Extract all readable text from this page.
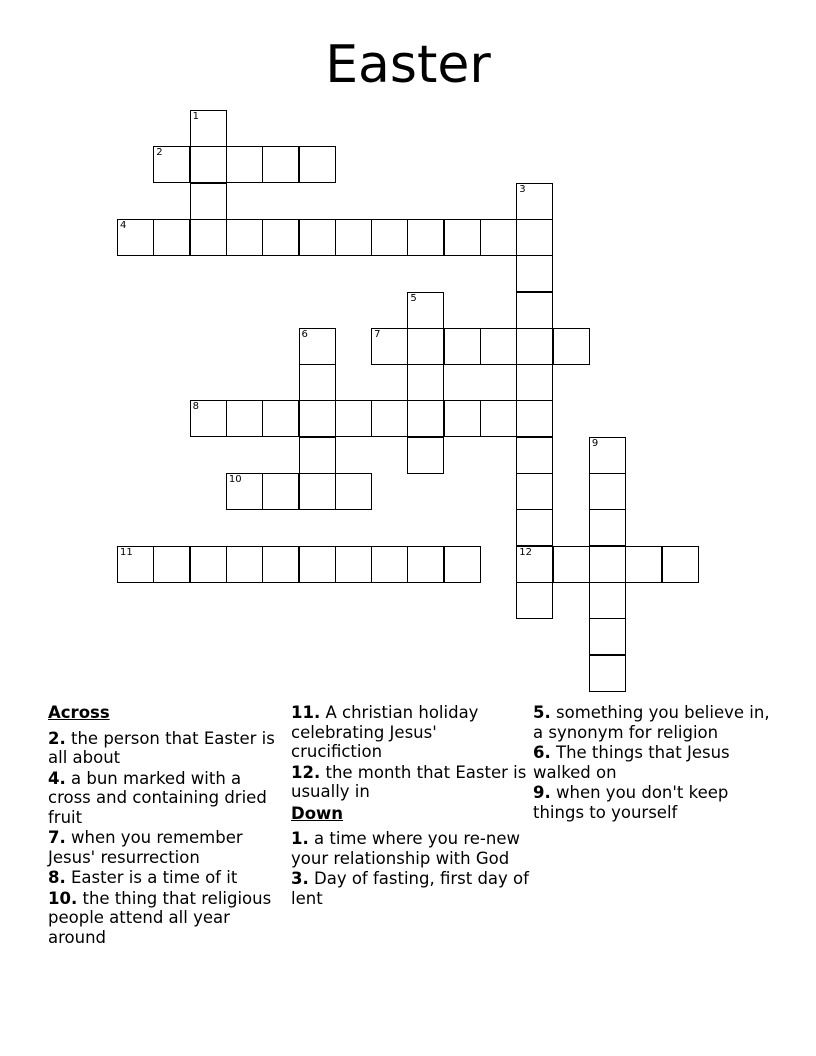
Easter
1
2
3
12
4
5
6	7
8
9
10
11
Across
2. the person that Easter is all about
4. a bun marked with a cross and containing dried fruit
7. when you remember Jesus' resurrection
8. Easter is a time of it
10. the thing that religious people attend all year around
11. A christian holiday celebrating Jesus' crucifiction
12. the month that Easter is usually in
Down
1. a time where you re-new your relationship with God
3. Day of fasting, first day of lent
5. something you believe in, a synonym for religion
6. The things that Jesus walked on
9. when you don't keep things to yourself
